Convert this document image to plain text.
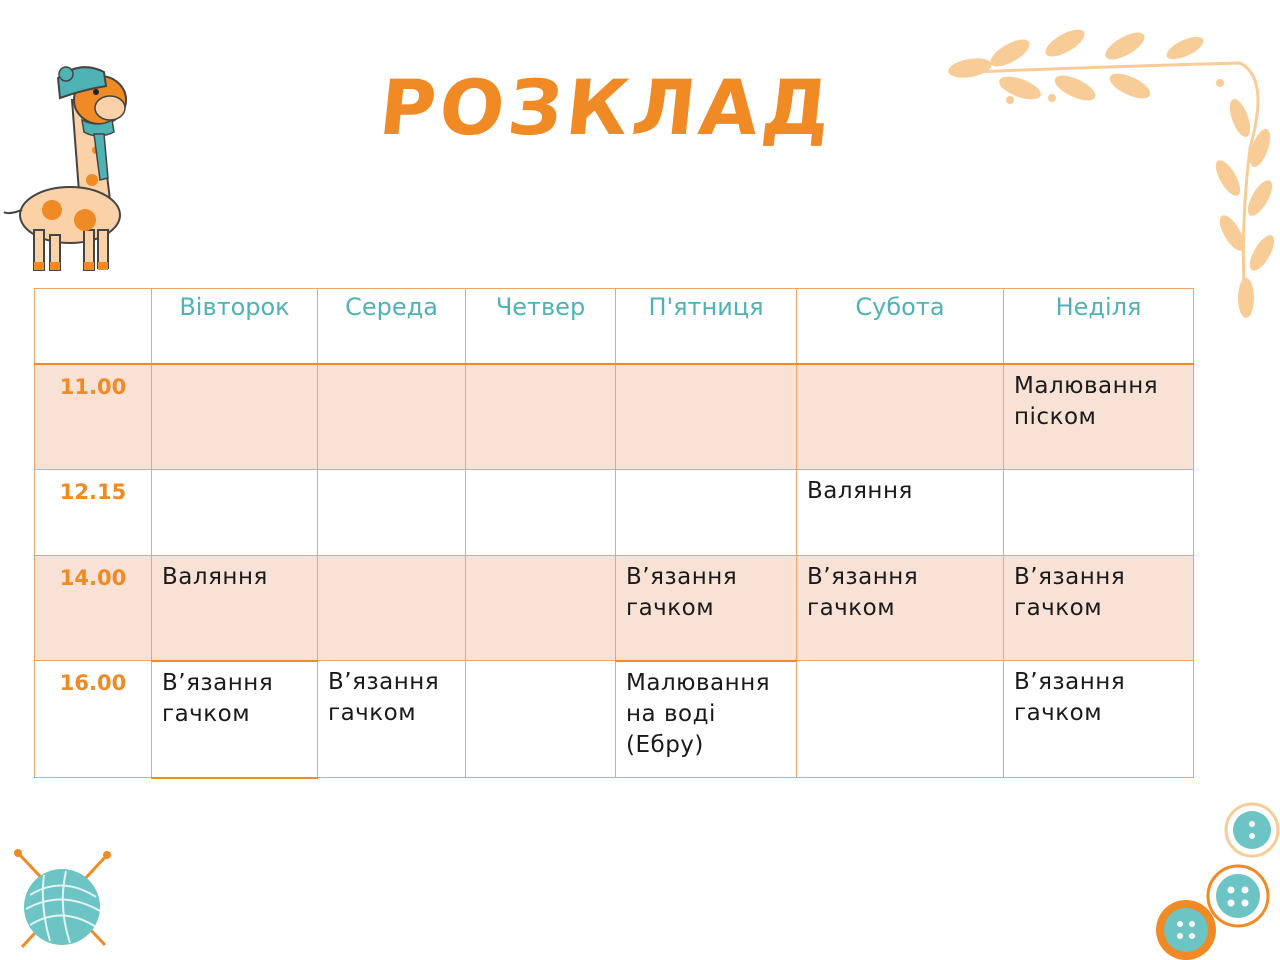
РОЗКЛАД
	Вівторок	Середа	Четвер	П'ятниця	Субота	Неділя
11.00						Малювання піском
12.15					Валяння	
14.00	Валяння			В’язання гачком	В’язання гачком	В’язання гачком
16.00	В’язання гачком	В’язання гачком		Малювання на воді (Ебру)		В’язання гачком
